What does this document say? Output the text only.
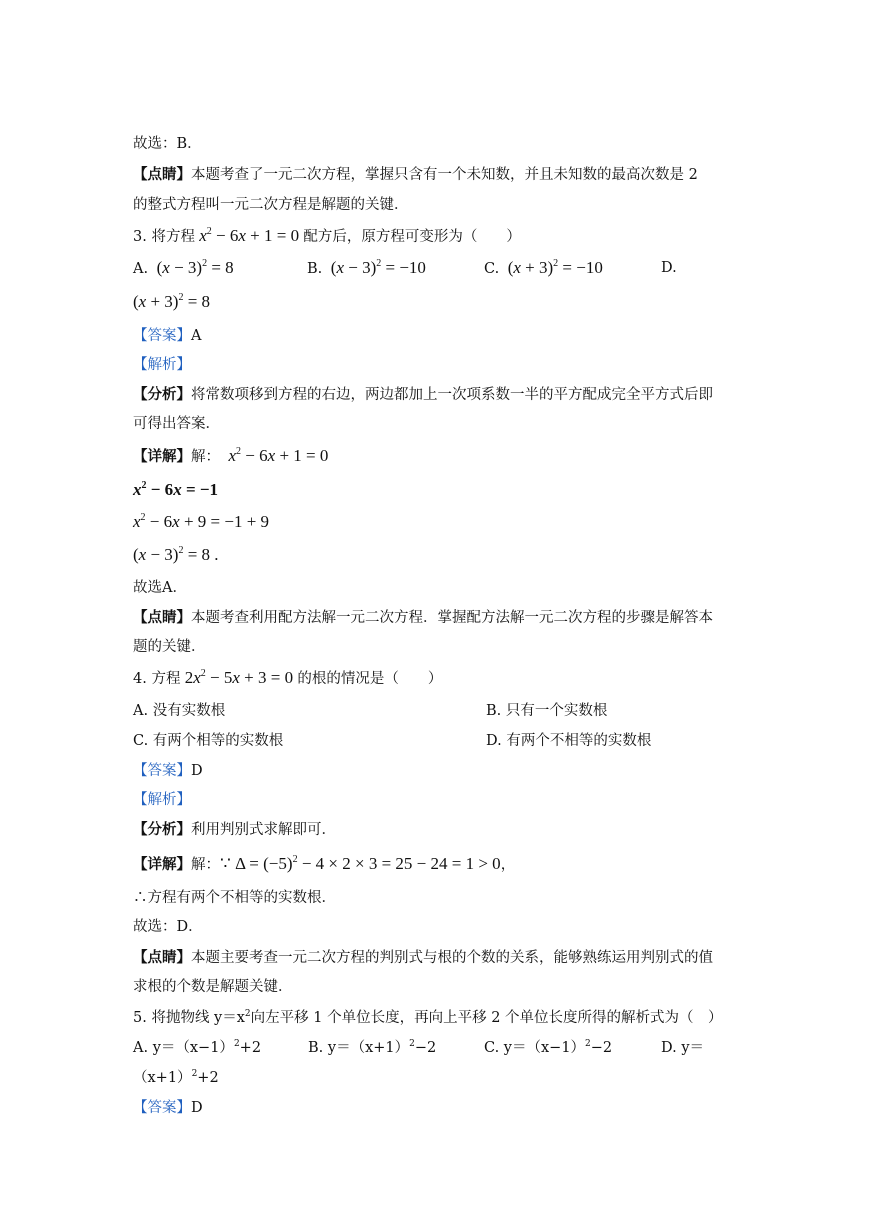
故选：B．
【点睛】本题考查了一元二次方程，掌握只含有一个未知数，并且未知数的最高次数是 2
的整式方程叫一元二次方程是解题的关键．
3. 将方程 $x^2 - 6x + 1 = 0$ 配方后，原方程可变形为（　　）
A.  $(x - 3)^2 = 8$	B.  $(x - 3)^2 = -10$	C.  $(x + 3)^2 = -10$	D.
$(x + 3)^2 = 8$
【答案】A
【解析】
【分析】将常数项移到方程的右边，两边都加上一次项系数一半的平方配成完全平方式后即
可得出答案．
【详解】解： $x^2 - 6x + 1 = 0$
$x^2 - 6x = -1$
$x^2 - 6x + 9 = -1 + 9$
$(x - 3)^2 = 8$ .
故选A．
【点睛】本题考查利用配方法解一元二次方程．掌握配方法解一元二次方程的步骤是解答本
题的关键．
4. 方程 $2x^2 - 5x + 3 = 0$ 的根的情况是（　　）
A. 没有实数根	B. 只有一个实数根
C. 有两个相等的实数根	D. 有两个不相等的实数根
【答案】D
【解析】
【分析】利用判别式求解即可．
【详解】解：∵ $\Delta = (-5)^2 - 4 \times 2 \times 3 = 25 - 24 = 1 > 0$，
∴方程有两个不相等的实数根．
故选：D．
【点睛】本题主要考查一元二次方程的判别式与根的个数的关系，能够熟练运用判别式的值
求根的个数是解题关键．
5. 将抛物线 $y=x^2$向左平移 1 个单位长度，再向上平移 2 个单位长度所得的解析式为（　）
A. $y=(x-1)^2+2$	B. $y=(x+1)^2-2$	C. $y=(x-1)^2-2$	D. y＝
$(x+1)^2+2$
【答案】D
